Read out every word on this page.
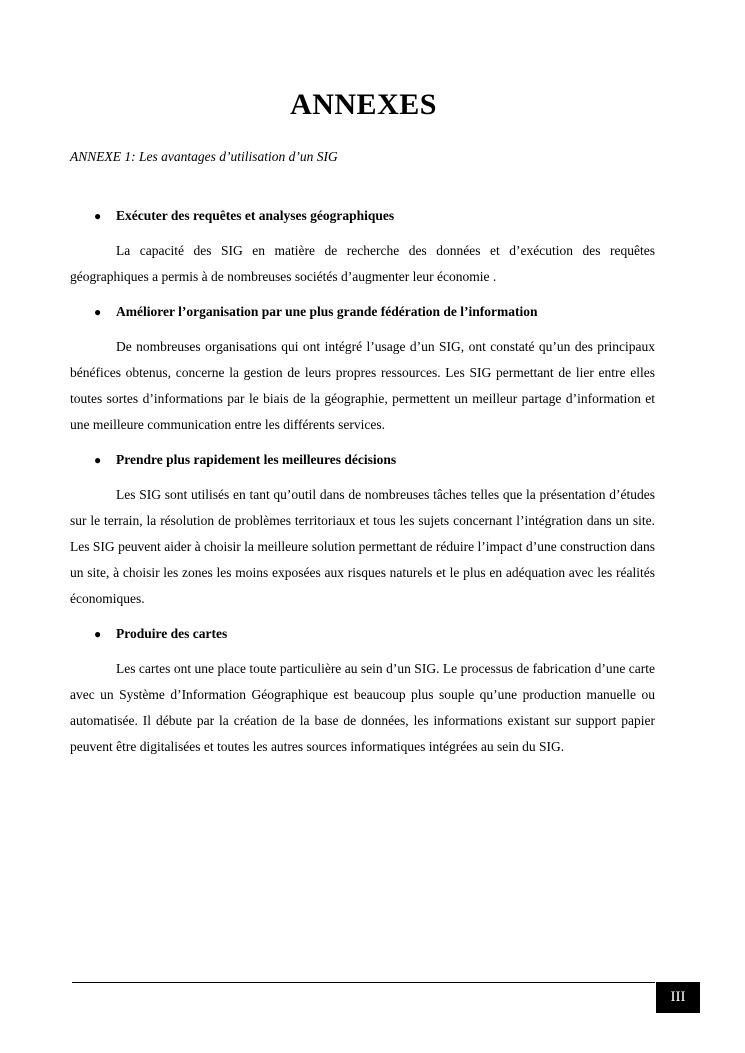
ANNEXES

ANNEXE 1: Les avantages d’utilisation d’un SIG

●	Exécuter des requêtes et analyses géographiques

La capacité des SIG en matière de recherche des données et d’exécution des requêtes géographiques a permis à de nombreuses sociétés d’augmenter leur économie .

●	Améliorer l’organisation par une plus grande fédération de l’information

De nombreuses organisations qui ont intégré l’usage d’un SIG, ont constaté qu’un des principaux bénéfices obtenus, concerne la gestion de leurs propres ressources. Les SIG permettant de lier entre elles toutes sortes d’informations par le biais de la géographie, permettent un meilleur partage d’information et une meilleure communication entre les différents services.

●	Prendre plus rapidement les meilleures décisions

Les SIG sont utilisés en tant qu’outil dans de nombreuses tâches telles que la présentation d’études sur le terrain, la résolution de problèmes territoriaux et tous les sujets concernant l’intégration dans un site. Les SIG peuvent aider à choisir la meilleure solution permettant de réduire l’impact d’une construction dans un site, à choisir les zones les moins exposées aux risques naturels et le plus en adéquation avec les réalités économiques.

●	Produire des cartes

Les cartes ont une place toute particulière au sein d’un SIG. Le processus de fabrication d’une carte avec un Système d’Information Géographique est beaucoup plus souple qu’une production manuelle ou automatisée. Il débute par la création de la base de données, les informations existant sur support papier peuvent être digitalisées et toutes les autres sources informatiques intégrées au sein du SIG.

III
